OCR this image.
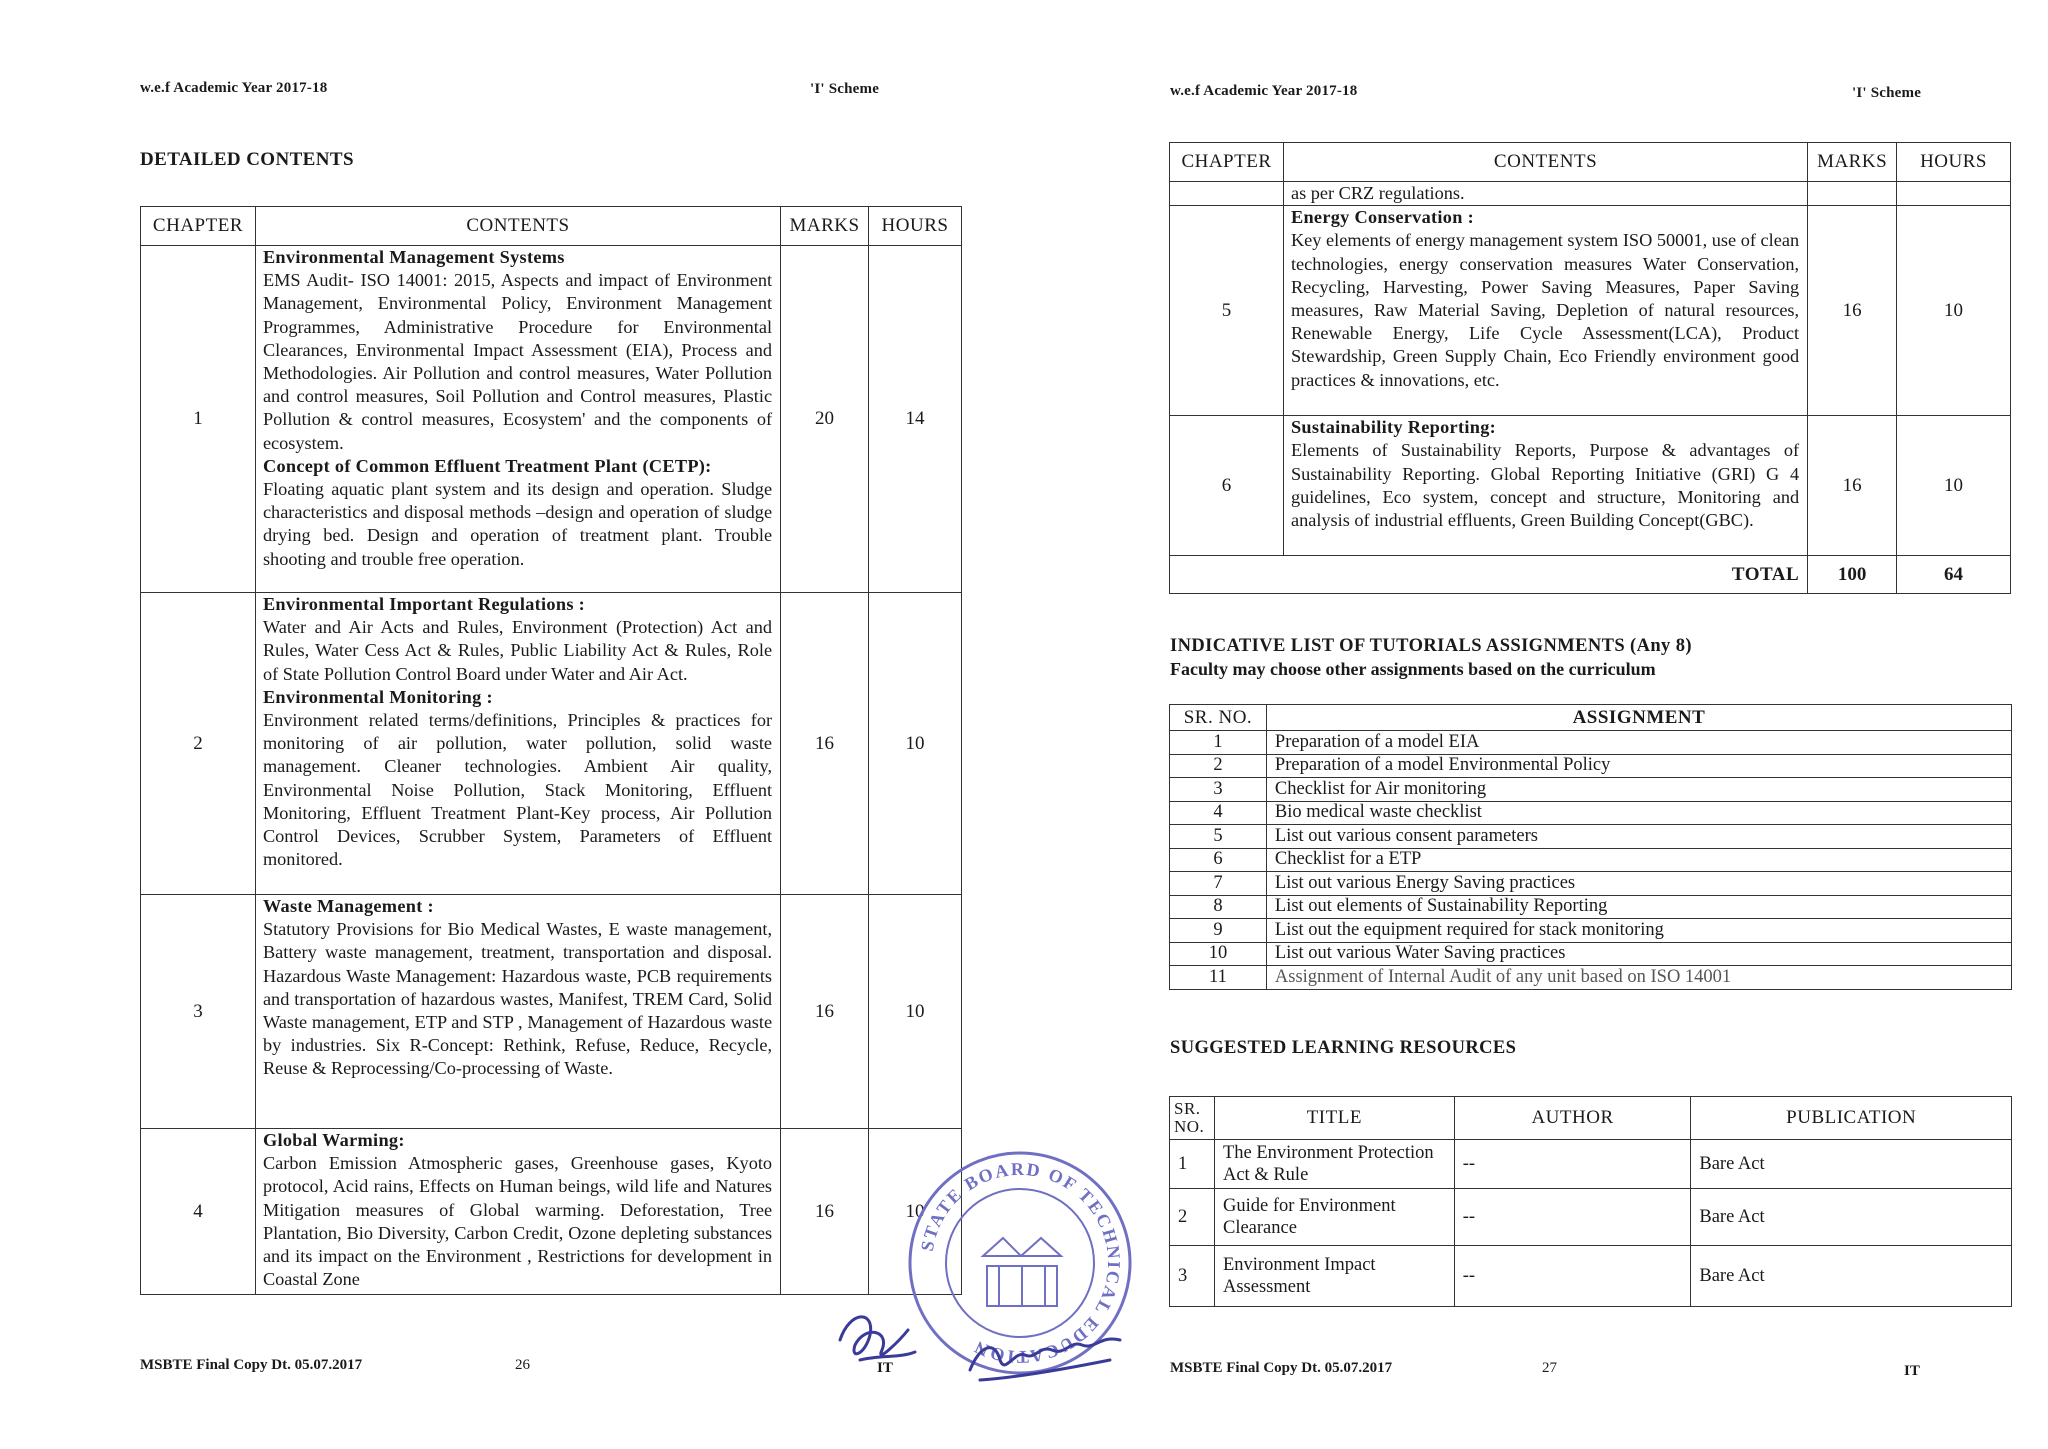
w.e.f Academic Year 2017-18	'I' Scheme
DETAILED CONTENTS
CHAPTER	CONTENTS	MARKS	HOURS
1	Environmental Management Systems
EMS Audit- ISO 14001: 2015, Aspects and impact of Environment Management, Environmental Policy, Environment Management Programmes, Administrative Procedure for Environmental Clearances, Environmental Impact Assessment (EIA), Process and Methodologies. Air Pollution and control measures, Water Pollution and control measures, Soil Pollution and Control measures, Plastic Pollution & control measures, Ecosystem' and the components of ecosystem.
Concept of Common Effluent Treatment Plant (CETP):
Floating aquatic plant system and its design and operation. Sludge characteristics and disposal methods –design and operation of sludge drying bed. Design and operation of treatment plant. Trouble shooting and trouble free operation.	20	14
2	Environmental Important Regulations :
Water and Air Acts and Rules, Environment (Protection) Act and Rules, Water Cess Act & Rules, Public Liability Act & Rules, Role of State Pollution Control Board under Water and Air Act.
Environmental Monitoring :
Environment related terms/definitions, Principles & practices for monitoring of air pollution, water pollution, solid waste management. Cleaner technologies. Ambient Air quality, Environmental Noise Pollution, Stack Monitoring, Effluent Monitoring, Effluent Treatment Plant-Key process, Air Pollution Control Devices, Scrubber System, Parameters of Effluent monitored.	16	10
3	Waste Management :
Statutory Provisions for Bio Medical Wastes, E waste management, Battery waste management, treatment, transportation and disposal. Hazardous Waste Management: Hazardous waste, PCB requirements and transportation of hazardous wastes, Manifest, TREM Card, Solid Waste management, ETP and STP , Management of Hazardous waste by industries. Six R-Concept: Rethink, Refuse, Reduce, Recycle, Reuse & Reprocessing/Co-processing of Waste.	16	10
4	Global Warming:
Carbon Emission Atmospheric gases, Greenhouse gases, Kyoto protocol, Acid rains, Effects on Human beings, wild life and Natures Mitigation measures of Global warming. Deforestation, Tree Plantation, Bio Diversity, Carbon Credit, Ozone depleting substances and its impact on the Environment , Restrictions for development in Coastal Zone	16	10
MSBTE Final Copy Dt. 05.07.2017	26	IT
w.e.f Academic Year 2017-18	'I' Scheme
CHAPTER	CONTENTS	MARKS	HOURS
	as per CRZ regulations.		
5	Energy Conservation :
Key elements of energy management system ISO 50001, use of clean technologies, energy conservation measures Water Conservation, Recycling, Harvesting, Power Saving Measures, Paper Saving measures, Raw Material Saving, Depletion of natural resources, Renewable Energy, Life Cycle Assessment(LCA), Product Stewardship, Green Supply Chain, Eco Friendly environment good practices & innovations, etc.	16	10
6	Sustainability Reporting:
Elements of Sustainability Reports, Purpose & advantages of Sustainability Reporting. Global Reporting Initiative (GRI) G 4 guidelines, Eco system, concept and structure, Monitoring and analysis of industrial effluents, Green Building Concept(GBC).	16	10
TOTAL		100	64
INDICATIVE LIST OF TUTORIALS ASSIGNMENTS (Any 8)
Faculty may choose other assignments based on the curriculum
SR. NO.	ASSIGNMENT
1	Preparation of a model EIA
2	Preparation of a model Environmental Policy
3	Checklist for Air monitoring
4	Bio medical waste checklist
5	List out various consent parameters
6	Checklist for a ETP
7	List out various Energy Saving practices
8	List out elements of Sustainability Reporting
9	List out the equipment required for stack monitoring
10	List out various Water Saving practices
11	Assignment of Internal Audit of any unit based on ISO 14001
SUGGESTED LEARNING RESOURCES
SR.
NO.	TITLE	AUTHOR	PUBLICATION
1	The Environment Protection Act & Rule	--	Bare Act
2	Guide for Environment Clearance	--	Bare Act
3	Environment Impact Assessment	--	Bare Act
MSBTE Final Copy Dt. 05.07.2017	27	IT
STATE BOARD OF TECHNICAL EDUCATION
